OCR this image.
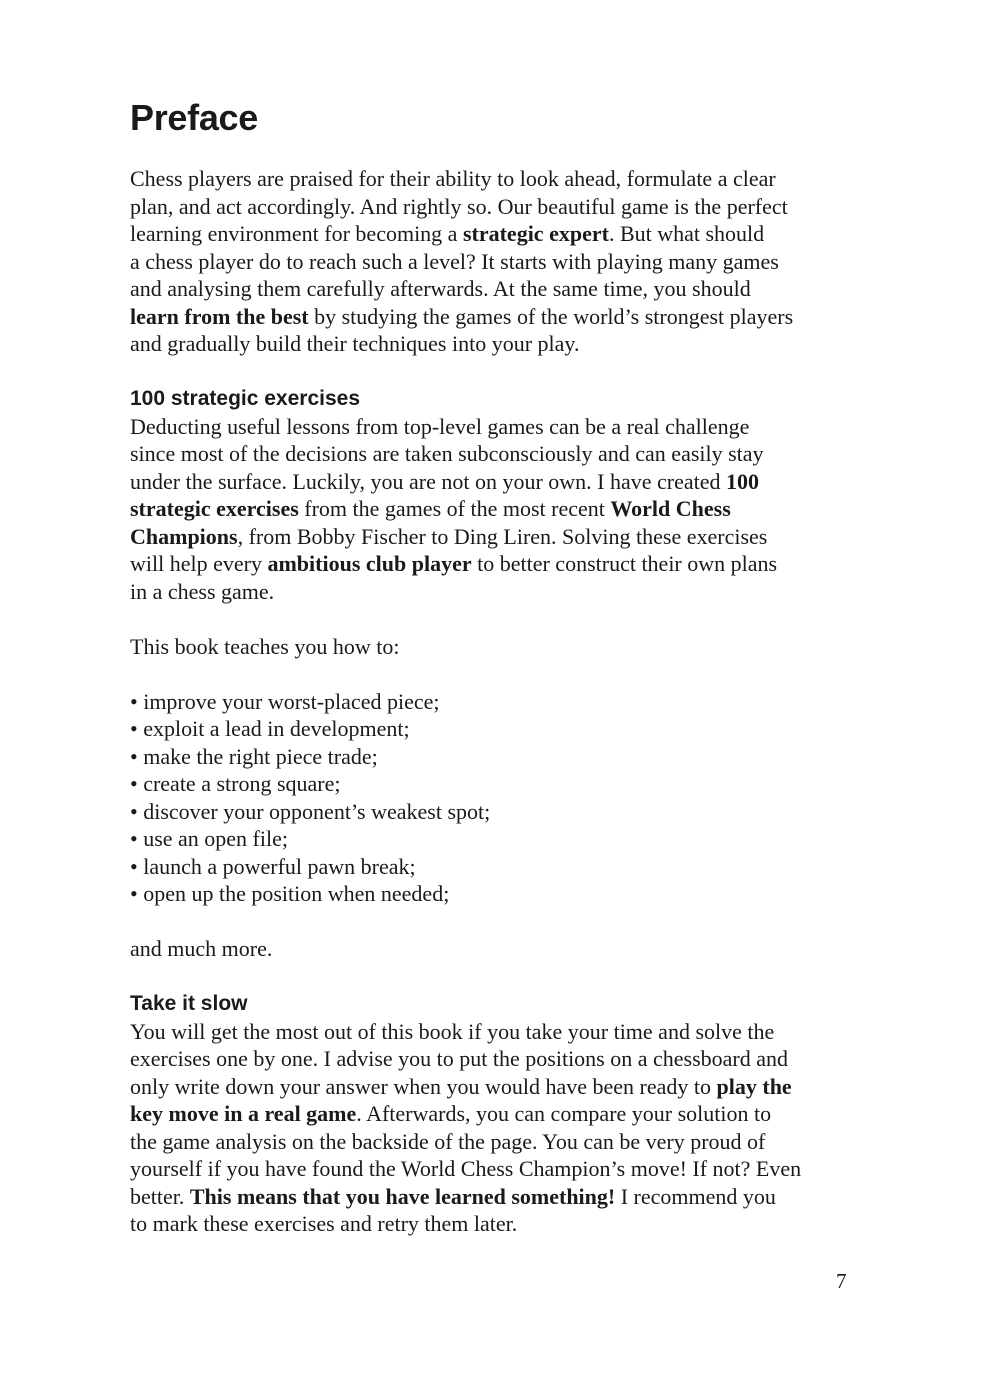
Preface

Chess players are praised for their ability to look ahead, formulate a clear
plan, and act accordingly. And rightly so. Our beautiful game is the perfect
learning environment for becoming a strategic expert. But what should
a chess player do to reach such a level? It starts with playing many games
and analysing them carefully afterwards. At the same time, you should
learn from the best by studying the games of the world’s strongest players
and gradually build their techniques into your play.

100 strategic exercises

Deducting useful lessons from top-level games can be a real challenge
since most of the decisions are taken subconsciously and can easily stay
under the surface. Luckily, you are not on your own. I have created 100
strategic exercises from the games of the most recent World Chess
Champions, from Bobby Fischer to Ding Liren. Solving these exercises
will help every ambitious club player to better construct their own plans
in a chess game.

This book teaches you how to:

• improve your worst-placed piece;
• exploit a lead in development;
• make the right piece trade;
• create a strong square;
• discover your opponent’s weakest spot;
• use an open file;
• launch a powerful pawn break;
• open up the position when needed;

and much more.

Take it slow

You will get the most out of this book if you take your time and solve the
exercises one by one. I advise you to put the positions on a chessboard and
only write down your answer when you would have been ready to play the
key move in a real game. Afterwards, you can compare your solution to
the game analysis on the backside of the page. You can be very proud of
yourself if you have found the World Chess Champion’s move! If not? Even
better. This means that you have learned something! I recommend you
to mark these exercises and retry them later.

7
